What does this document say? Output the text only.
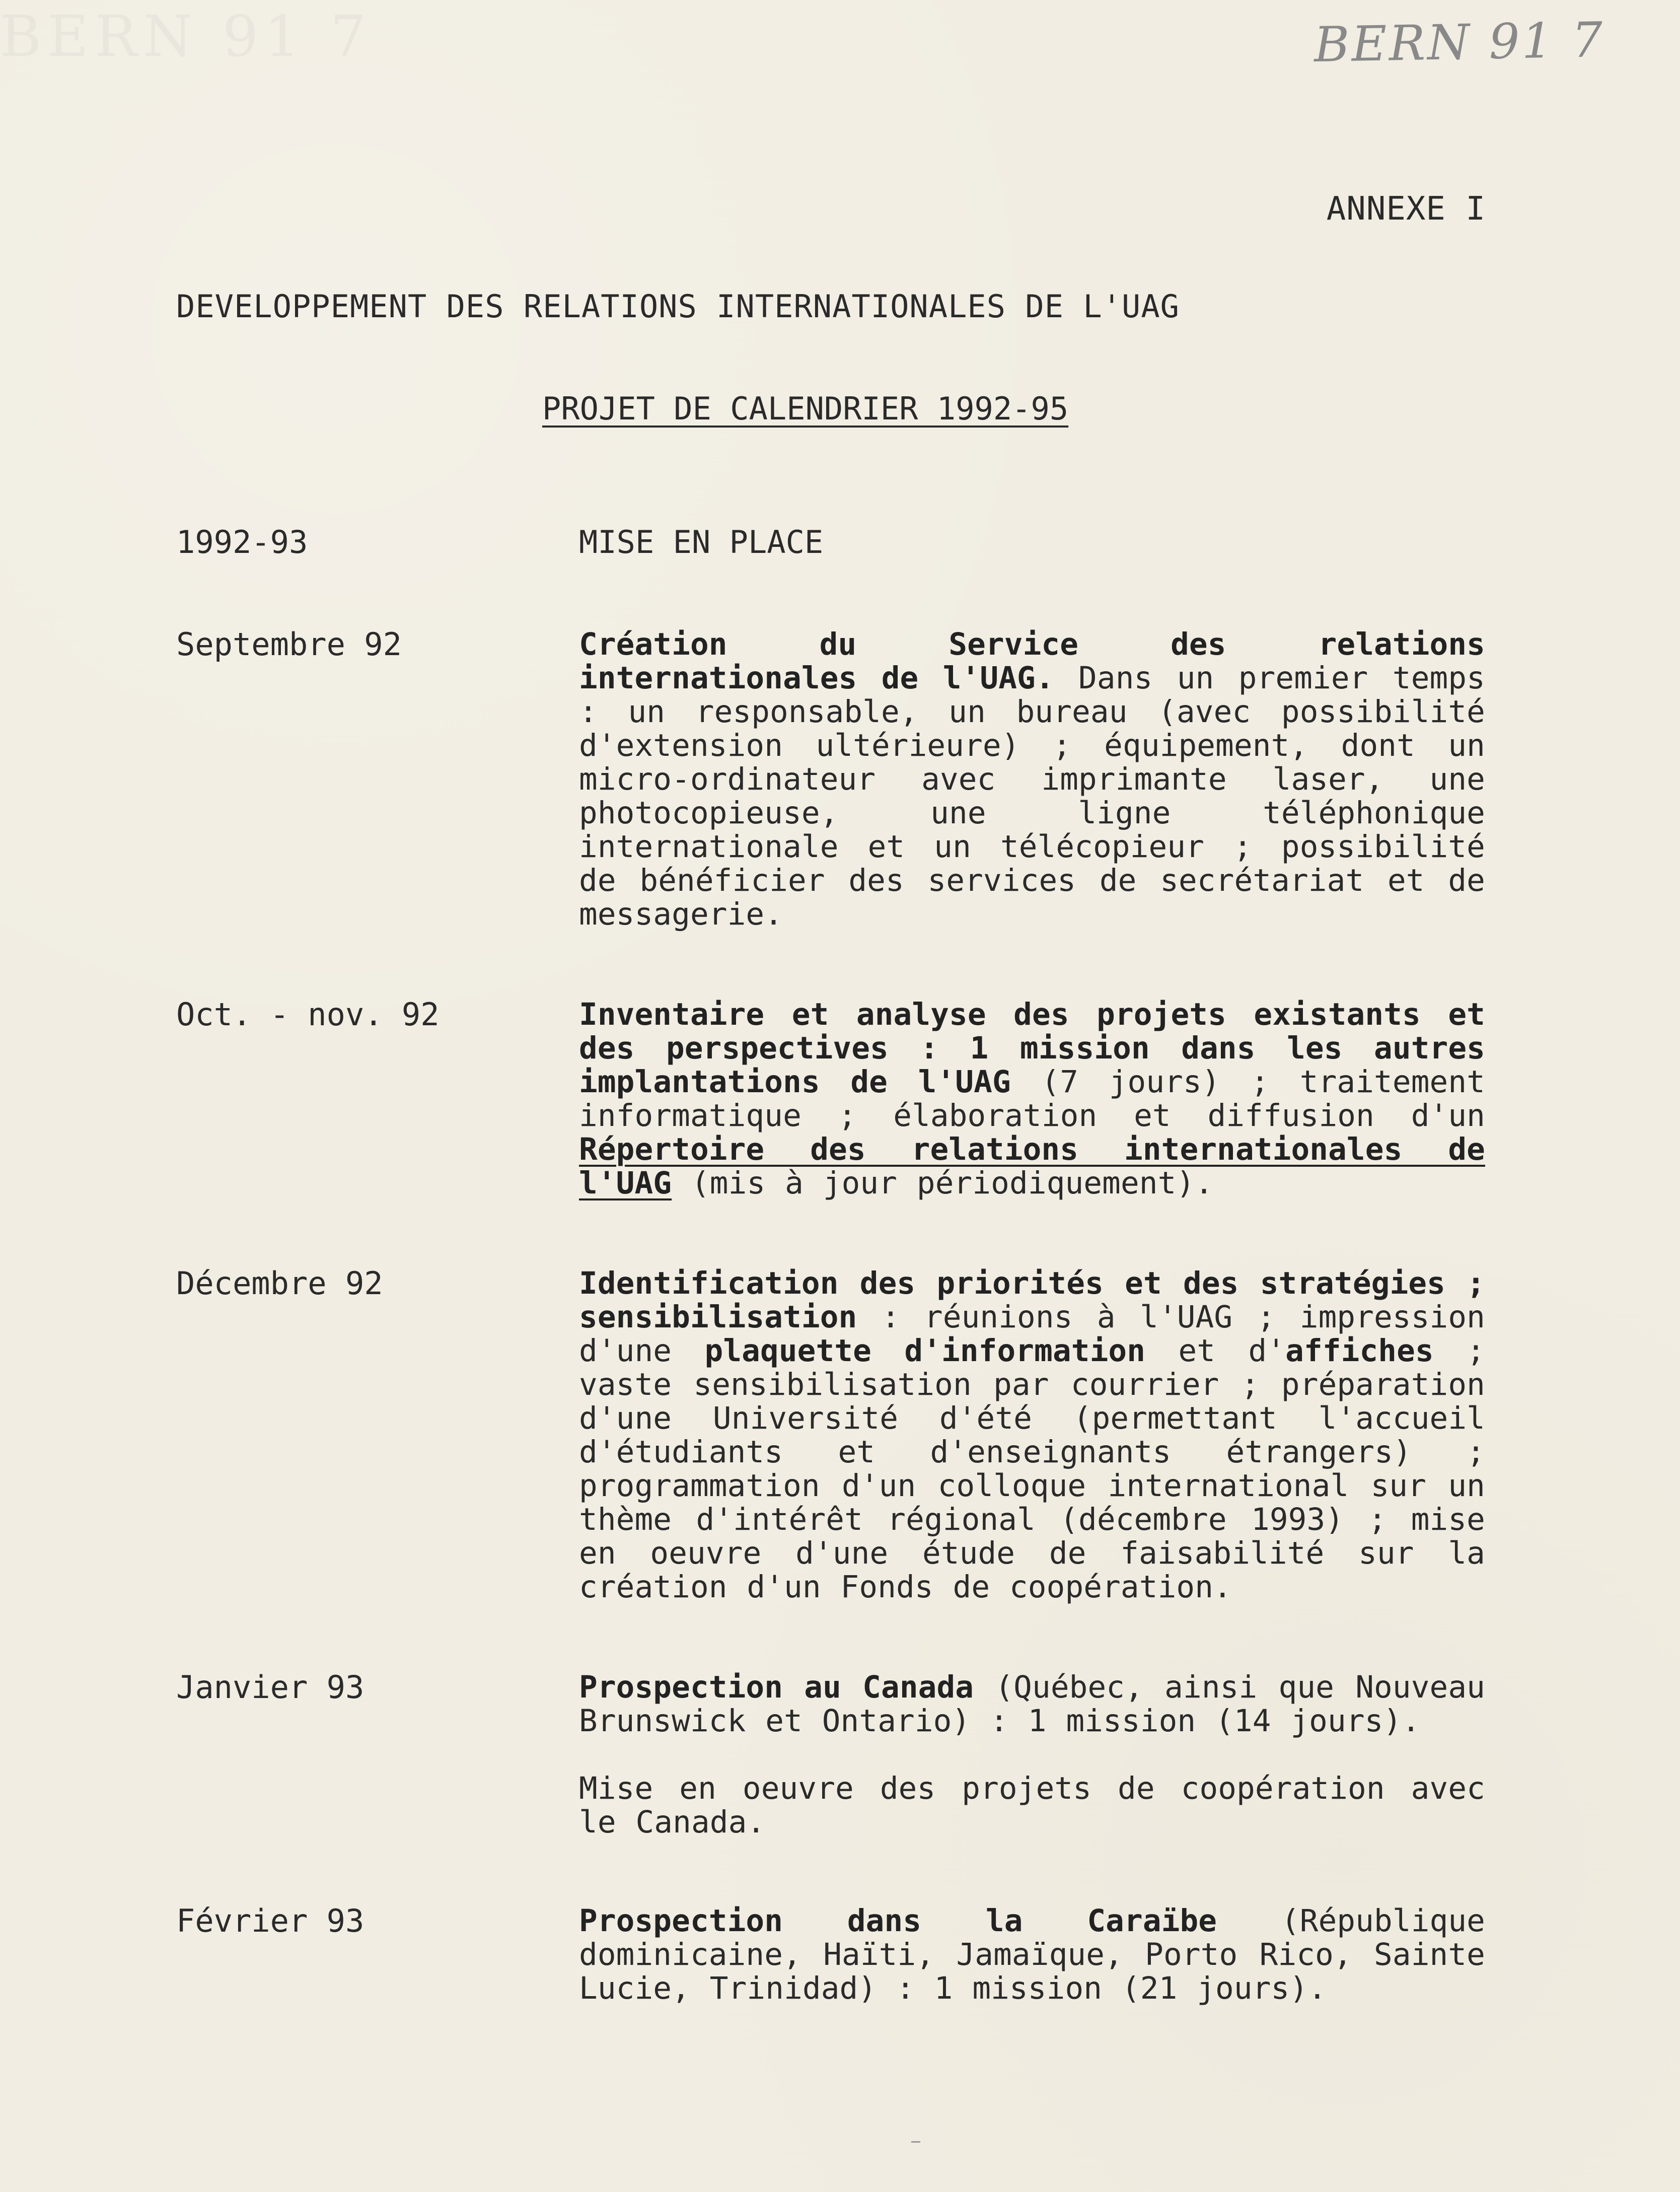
BERN 91 7	BERN 91 7
ANNEXE I
DEVELOPPEMENT DES RELATIONS INTERNATIONALES DE L'UAG
PROJET DE CALENDRIER 1992-95
1992-93	MISE EN PLACE
Septembre 92	Création du Service des relations internationales de l'UAG. Dans un premier temps : un responsable, un bureau (avec possibilité d'extension ultérieure) ; équipement, dont un micro-ordinateur avec imprimante laser, une photocopieuse, une ligne téléphonique internationale et un télécopieur ; possibilité de bénéficier des services de secrétariat et de messagerie.

Oct. - nov. 92	Inventaire et analyse des projets existants et des perspectives : 1 mission dans les autres implantations de l'UAG (7 jours) ; traitement informatique ; élaboration et diffusion d'un Répertoire des relations internationales de l'UAG (mis à jour périodiquement).

Décembre 92	Identification des priorités et des stratégies ; sensibilisation : réunions à l'UAG ; impression d'une plaquette d'information et d'affiches ; vaste sensibilisation par courrier ; préparation d'une Université d'été (permettant l'accueil d'étudiants et d'enseignants étrangers) ; programmation d'un colloque international sur un thème d'intérêt régional (décembre 1993) ; mise en oeuvre d'une étude de faisabilité sur la création d'un Fonds de coopération.

Janvier 93	Prospection au Canada (Québec, ainsi que Nouveau Brunswick et Ontario) : 1 mission (14 jours).

Mise en oeuvre des projets de coopération avec le Canada.

Février 93	Prospection dans la Caraïbe (République dominicaine, Haïti, Jamaïque, Porto Rico, Sainte Lucie, Trinidad) : 1 mission (21 jours).
